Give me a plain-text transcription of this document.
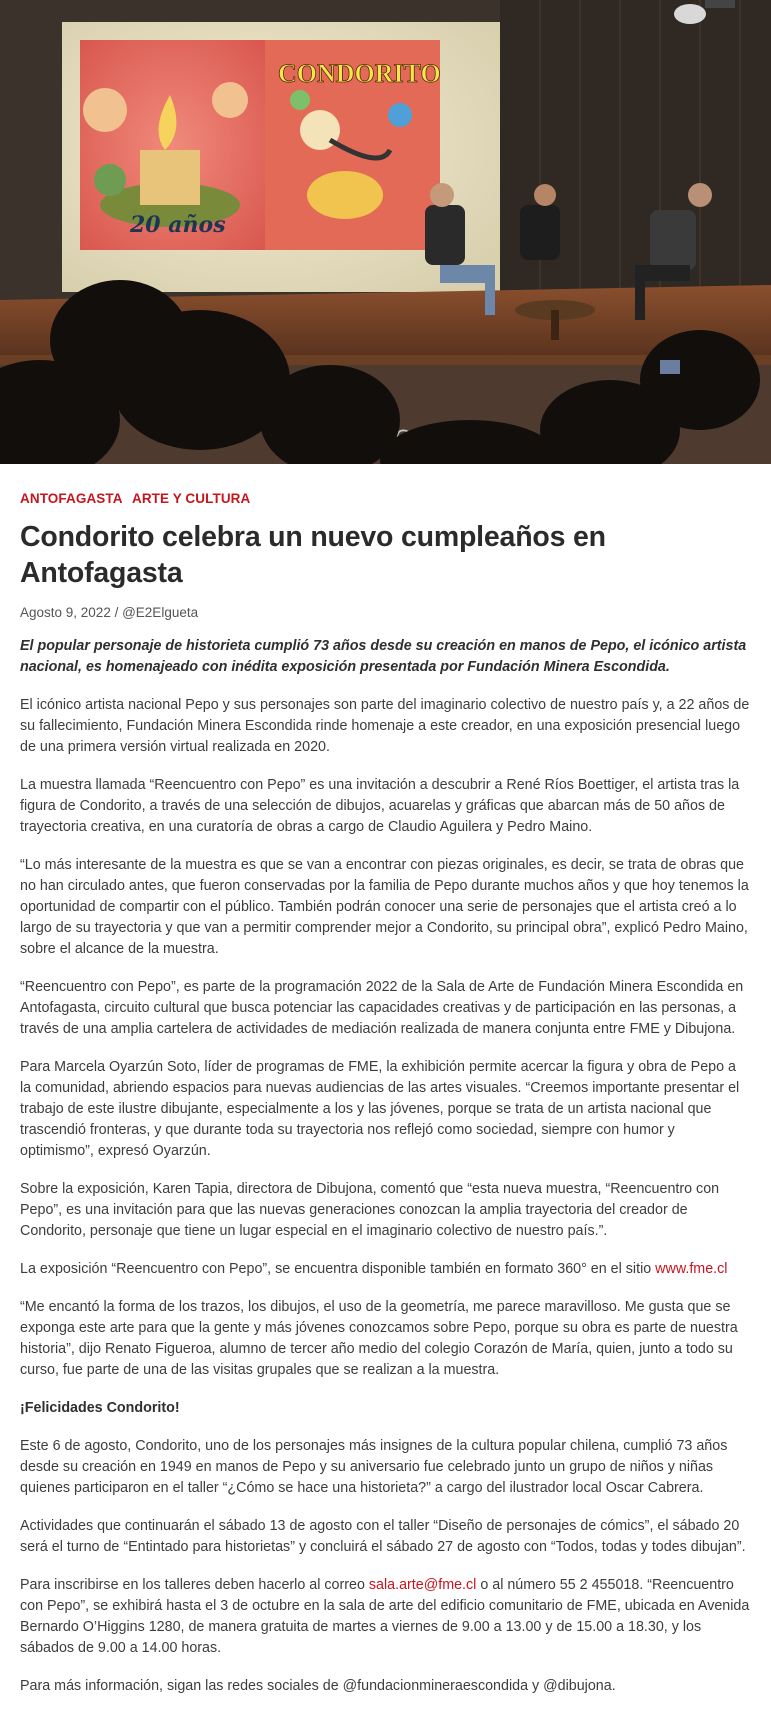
20 años
CONDORITO

ANTOFAGASTA ARTE Y CULTURA
Condorito celebra un nuevo cumpleaños en Antofagasta
Agosto 9, 2022 / @E2Elgueta
El popular personaje de historieta cumplió 73 años desde su creación en manos de Pepo, el icónico artista nacional, es homenajeado con inédita exposición presentada por Fundación Minera Escondida.

El icónico artista nacional Pepo y sus personajes son parte del imaginario colectivo de nuestro país y, a 22 años de su fallecimiento, Fundación Minera Escondida rinde homenaje a este creador, en una exposición presencial luego de una primera versión virtual realizada en 2020.

La muestra llamada “Reencuentro con Pepo” es una invitación a descubrir a René Ríos Boettiger, el artista tras la figura de Condorito, a través de una selección de dibujos, acuarelas y gráficas que abarcan más de 50 años de trayectoria creativa, en una curatoría de obras a cargo de Claudio Aguilera y Pedro Maino.

“Lo más interesante de la muestra es que se van a encontrar con piezas originales, es decir, se trata de obras que no han circulado antes, que fueron conservadas por la familia de Pepo durante muchos años y que hoy tenemos la oportunidad de compartir con el público. También podrán conocer una serie de personajes que el artista creó a lo largo de su trayectoria y que van a permitir comprender mejor a Condorito, su principal obra”, explicó Pedro Maino, sobre el alcance de la muestra.

“Reencuentro con Pepo”, es parte de la programación 2022 de la Sala de Arte de Fundación Minera Escondida en Antofagasta, circuito cultural que busca potenciar las capacidades creativas y de participación en las personas, a través de una amplia cartelera de actividades de mediación realizada de manera conjunta entre FME y Dibujona.

Para Marcela Oyarzún Soto, líder de programas de FME, la exhibición permite acercar la figura y obra de Pepo a la comunidad, abriendo espacios para nuevas audiencias de las artes visuales. “Creemos importante presentar el trabajo de este ilustre dibujante, especialmente a los y las jóvenes, porque se trata de un artista nacional que trascendió fronteras, y que durante toda su trayectoria nos reflejó como sociedad, siempre con humor y optimismo”, expresó Oyarzún.

Sobre la exposición, Karen Tapia, directora de Dibujona, comentó que “esta nueva muestra, “Reencuentro con Pepo”, es una invitación para que las nuevas generaciones conozcan la amplia trayectoria del creador de Condorito, personaje que tiene un lugar especial en el imaginario colectivo de nuestro país.”.

La exposición “Reencuentro con Pepo”, se encuentra disponible también en formato 360° en el sitio www.fme.cl

“Me encantó la forma de los trazos, los dibujos, el uso de la geometría, me parece maravilloso. Me gusta que se exponga este arte para que la gente y más jóvenes conozcamos sobre Pepo, porque su obra es parte de nuestra historia”, dijo Renato Figueroa, alumno de tercer año medio del colegio Corazón de María, quien, junto a todo su curso, fue parte de una de las visitas grupales que se realizan a la muestra.

¡Felicidades Condorito!

Este 6 de agosto, Condorito, uno de los personajes más insignes de la cultura popular chilena, cumplió 73 años desde su creación en 1949 en manos de Pepo y su aniversario fue celebrado junto un grupo de niños y niñas quienes participaron en el taller “¿Cómo se hace una historieta?” a cargo del ilustrador local Oscar Cabrera.

Actividades que continuarán el sábado 13 de agosto con el taller “Diseño de personajes de cómics”, el sábado 20 será el turno de “Entintado para historietas” y concluirá el sábado 27 de agosto con “Todos, todas y todes dibujan”.

Para inscribirse en los talleres deben hacerlo al correo sala.arte@fme.cl o al número 55 2 455018. “Reencuentro con Pepo”, se exhibirá hasta el 3 de octubre en la sala de arte del edificio comunitario de FME, ubicada en Avenida Bernardo O’Higgins 1280, de manera gratuita de martes a viernes de 9.00 a 13.00 y de 15.00 a 18.30, y los sábados de 9.00 a 14.00 horas.

Para más información, sigan las redes sociales de @fundacionmineraescondida y @dibujona.
